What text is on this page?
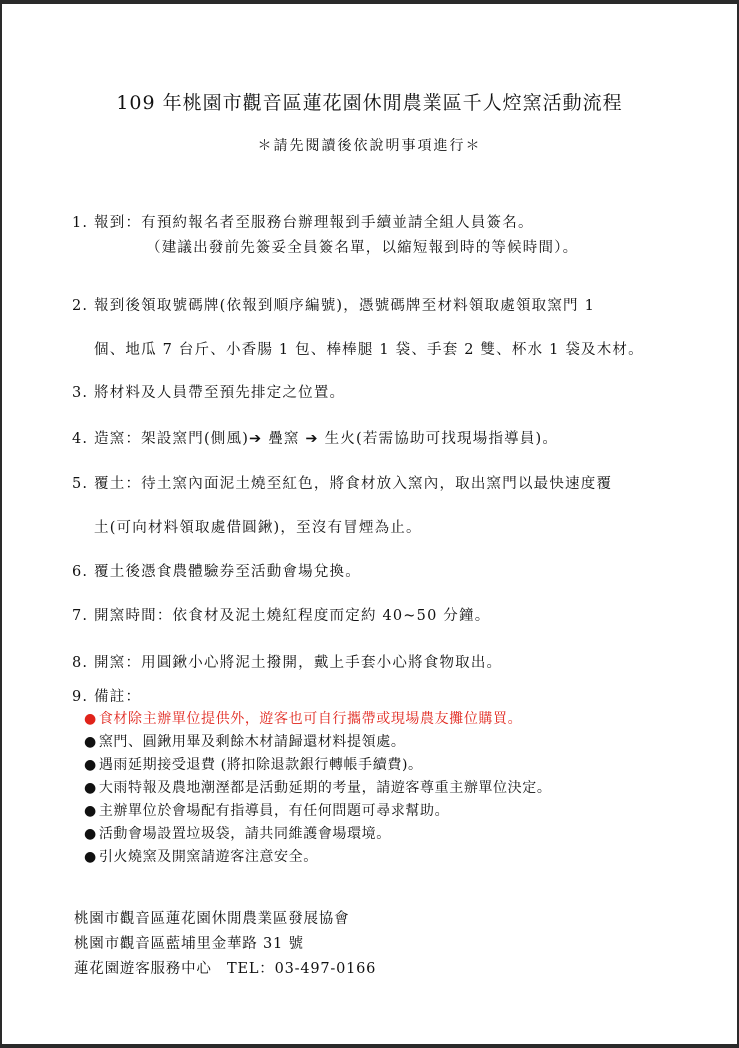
109 年桃園市觀音區蓮花園休閒農業區千人焢窯活動流程
＊請先閱讀後依說明事項進行＊
1. 報到：有預約報名者至服務台辦理報到手續並請全組人員簽名。
（建議出發前先簽妥全員簽名單，以縮短報到時的等候時間）。
2. 報到後領取號碼牌(依報到順序編號)，憑號碼牌至材料領取處領取窯門 1
個、地瓜 7 台斤、小香腸 1 包、棒棒腿 1 袋、手套 2 雙、杯水 1 袋及木材。
3. 將材料及人員帶至預先排定之位置。
4. 造窯：架設窯門(側風)➔ 疊窯 ➔ 生火(若需協助可找現場指導員)。
5. 覆土：待土窯內面泥土燒至紅色，將食材放入窯內，取出窯門以最快速度覆
土(可向材料領取處借圓鍬)，至沒有冒煙為止。
6. 覆土後憑食農體驗券至活動會場兌換。
7. 開窯時間：依食材及泥土燒紅程度而定約 40~50 分鐘。
8. 開窯：用圓鍬小心將泥土撥開，戴上手套小心將食物取出。
9. 備註：
● 食材除主辦單位提供外，遊客也可自行攜帶或現場農友攤位購買。
● 窯門、圓鍬用畢及剩餘木材請歸還材料提領處。
● 遇雨延期接受退費 (將扣除退款銀行轉帳手續費)。
● 大雨特報及農地潮溼都是活動延期的考量，請遊客尊重主辦單位決定。
● 主辦單位於會場配有指導員，有任何問題可尋求幫助。
● 活動會場設置垃圾袋，請共同維護會場環境。
● 引火燒窯及開窯請遊客注意安全。
桃園市觀音區蓮花園休閒農業區發展協會
桃園市觀音區藍埔里金華路 31 號
蓮花園遊客服務中心　TEL：03-497-0166
